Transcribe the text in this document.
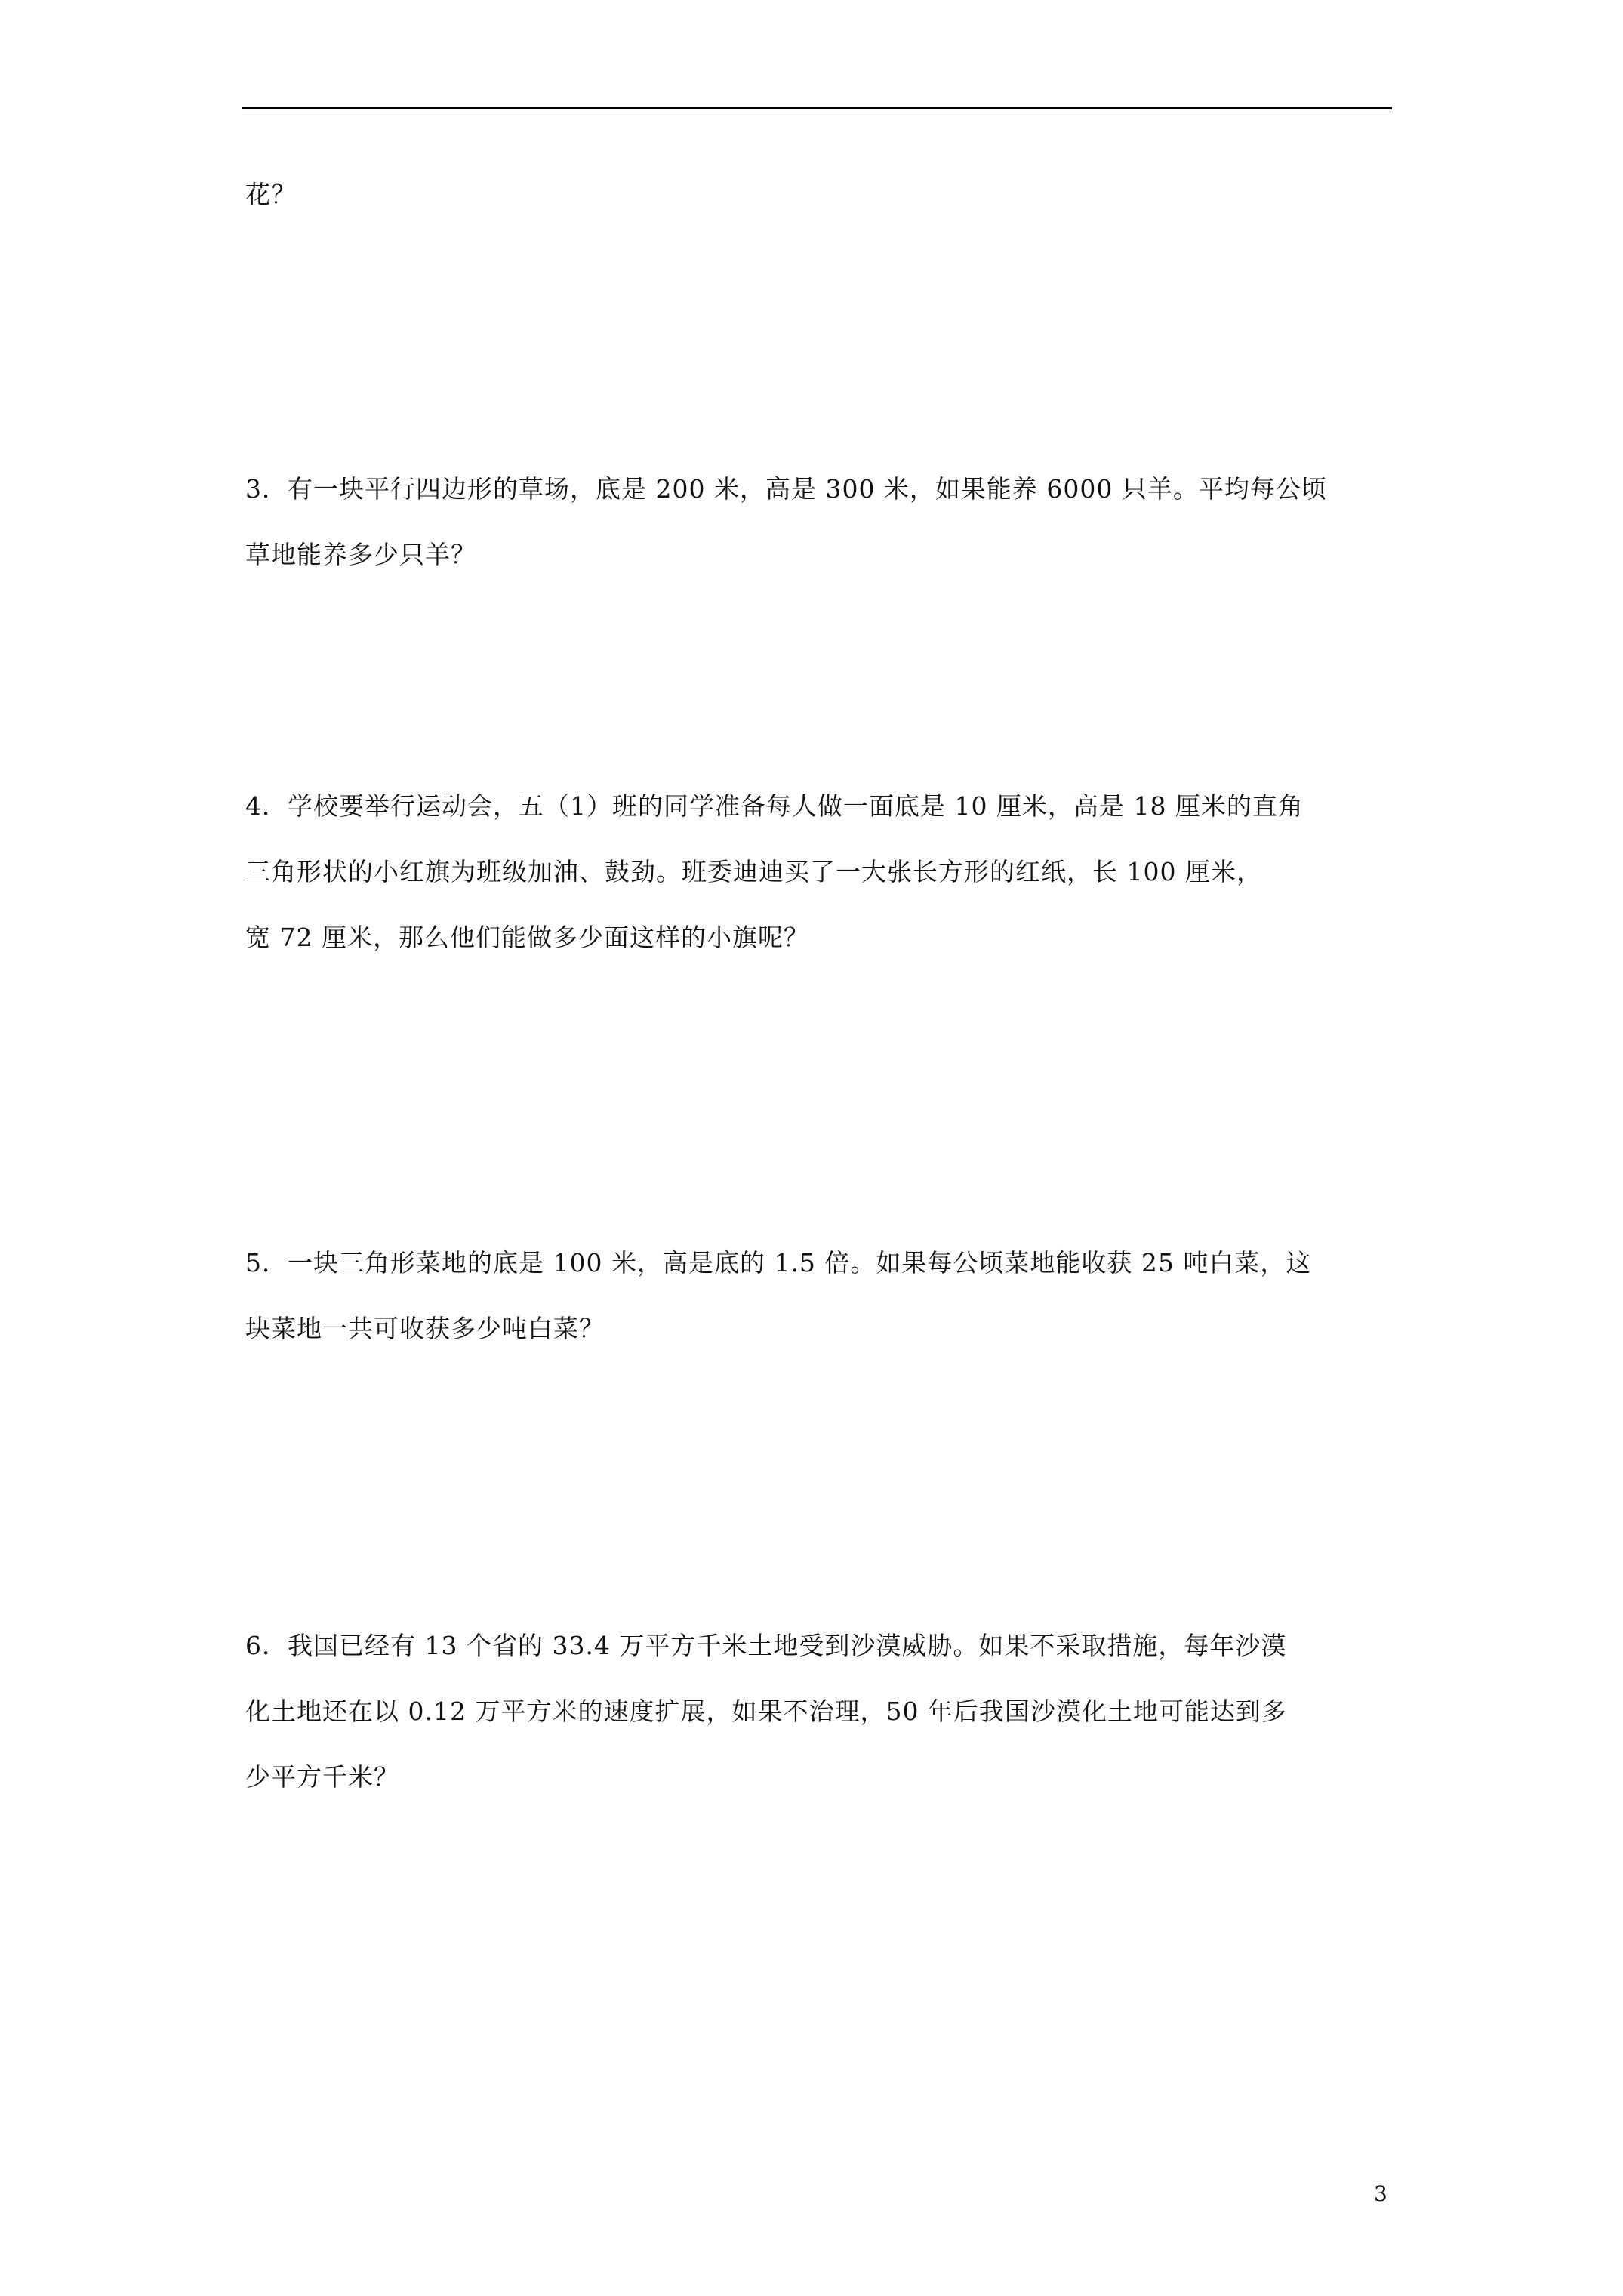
花？
3．有一块平行四边形的草场，底是 200 米，高是 300 米，如果能养 6000 只羊。平均每公顷
草地能养多少只羊？
4．学校要举行运动会，五（1）班的同学准备每人做一面底是 10 厘米，高是 18 厘米的直角
三角形状的小红旗为班级加油、鼓劲。班委迪迪买了一大张长方形的红纸，长 100 厘米，
宽 72 厘米，那么他们能做多少面这样的小旗呢？
5．一块三角形菜地的底是 100 米，高是底的 1.5 倍。如果每公顷菜地能收获 25 吨白菜，这
块菜地一共可收获多少吨白菜？
6．我国已经有 13 个省的 33.4 万平方千米土地受到沙漠威胁。如果不采取措施，每年沙漠
化土地还在以 0.12 万平方米的速度扩展，如果不治理，50 年后我国沙漠化土地可能达到多
少平方千米？
3
